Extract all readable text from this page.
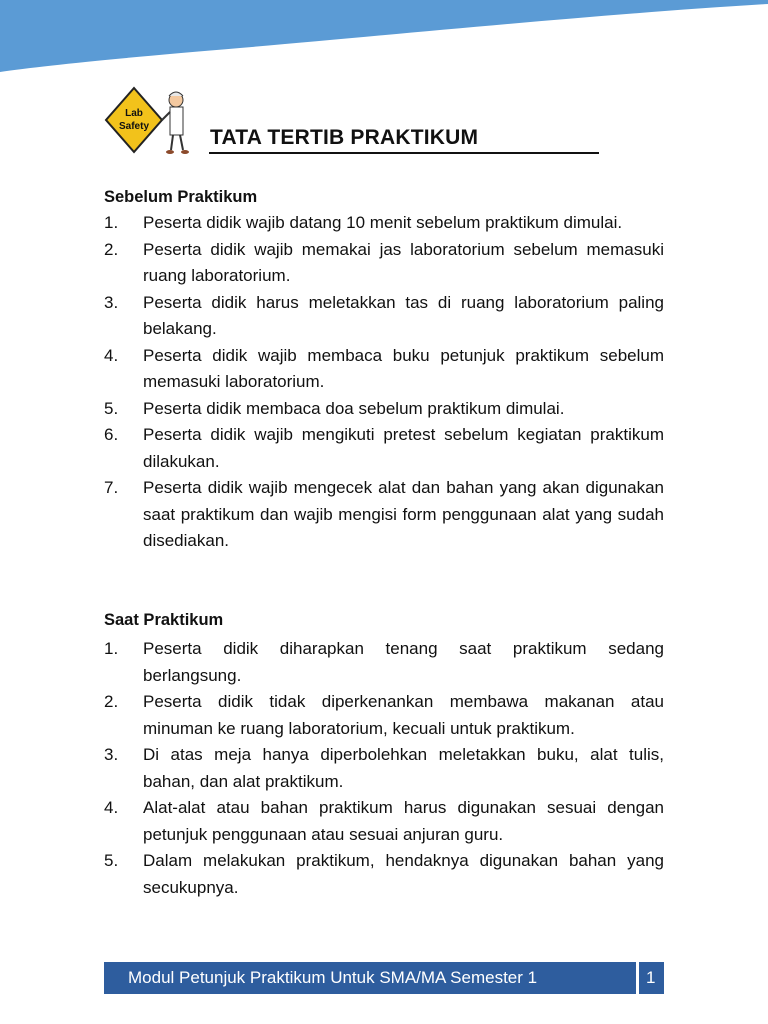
Lab
Safety	TATA TERTIB PRAKTIKUM
Sebelum Praktikum
1. Peserta didik wajib datang 10 menit sebelum praktikum dimulai.
2. Peserta didik wajib memakai jas laboratorium sebelum memasuki ruang laboratorium.
3. Peserta didik harus meletakkan tas di ruang laboratorium paling belakang.
4. Peserta didik wajib membaca buku petunjuk praktikum sebelum memasuki laboratorium.
5. Peserta didik membaca doa sebelum praktikum dimulai.
6. Peserta didik wajib mengikuti pretest sebelum kegiatan praktikum dilakukan.
7. Peserta didik wajib mengecek alat dan bahan yang akan digunakan saat praktikum dan wajib mengisi form penggunaan alat yang sudah disediakan.
Saat Praktikum
1. Peserta didik diharapkan tenang saat praktikum sedang berlangsung.
2. Peserta didik tidak diperkenankan membawa makanan atau minuman ke ruang laboratorium, kecuali untuk praktikum.
3. Di atas meja hanya diperbolehkan meletakkan buku, alat tulis, bahan, dan alat praktikum.
4. Alat-alat atau bahan praktikum harus digunakan sesuai dengan petunjuk penggunaan atau sesuai anjuran guru.
5. Dalam melakukan praktikum, hendaknya digunakan bahan yang secukupnya.
Modul Petunjuk Praktikum Untuk SMA/MA Semester 1	1
